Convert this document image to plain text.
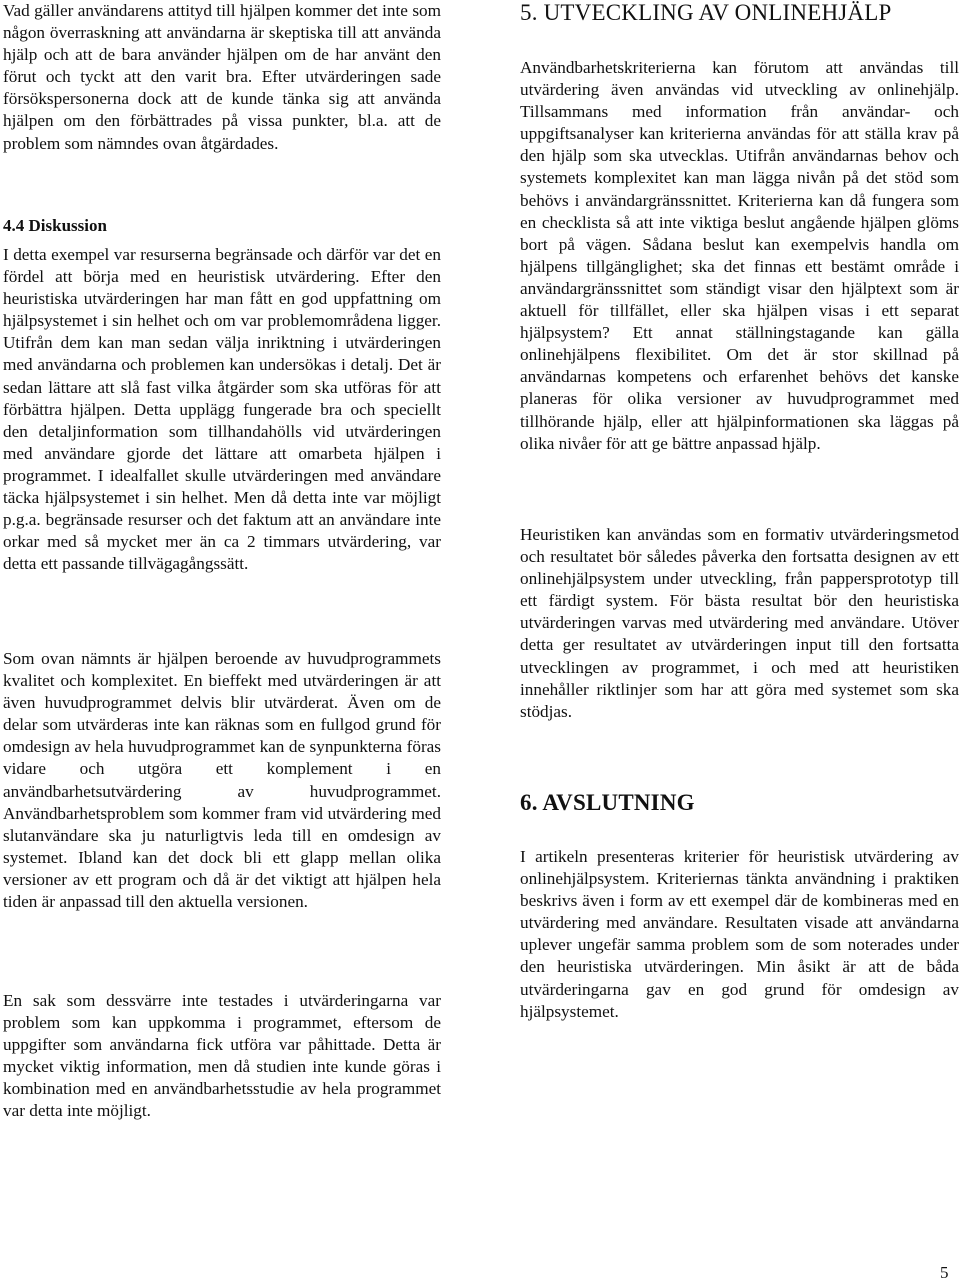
Vad gäller användarens attityd till hjälpen kommer det inte som någon överraskning att användarna är skeptiska till att använda hjälp och att de bara använder hjälpen om de har använt den förut och tyckt att den varit bra. Efter utvärderingen sade försökspersonerna dock att de kunde tänka sig att använda hjälpen om den förbättrades på vissa punkter, bl.a. att de problem som nämndes ovan åtgärdades.

4.4 Diskussion

I detta exempel var resurserna begränsade och därför var det en fördel att börja med en heuristisk utvärdering. Efter den heuristiska utvärderingen har man fått en god uppfattning om hjälpsystemet i sin helhet och om var problemområdena ligger. Utifrån dem kan man sedan välja inriktning i utvärderingen med användarna och problemen kan undersökas i detalj. Det är sedan lättare att slå fast vilka åtgärder som ska utföras för att förbättra hjälpen. Detta upplägg fungerade bra och speciellt den detaljinformation som tillhandahölls vid utvärderingen med användare gjorde det lättare att omarbeta hjälpen i programmet. I idealfallet skulle utvärderingen med användare täcka hjälpsystemet i sin helhet. Men då detta inte var möjligt p.g.a. begränsade resurser och det faktum att an användare inte orkar med så mycket mer än ca 2 timmars utvärdering, var detta ett passande tillvägagångssätt.

Som ovan nämnts är hjälpen beroende av huvudprogrammets kvalitet och komplexitet. En bieffekt med utvärderingen är att även huvudprogrammet delvis blir utvärderat. Även om de delar som utvärderas inte kan räknas som en fullgod grund för omdesign av hela huvudprogrammet kan de synpunkterna föras vidare och utgöra ett komplement i en användbarhetsutvärdering av huvudprogrammet. Användbarhetsproblem som kommer fram vid utvärdering med slutanvändare ska ju naturligtvis leda till en omdesign av systemet. Ibland kan det dock bli ett glapp mellan olika versioner av ett program och då är det viktigt att hjälpen hela tiden är anpassad till den aktuella versionen.

En sak som dessvärre inte testades i utvärderingarna var problem som kan uppkomma i programmet, eftersom de uppgifter som användarna fick utföra var påhittade. Detta är mycket viktig information, men då studien inte kunde göras i kombination med en användbarhetsstudie av hela programmet var detta inte möjligt.

5. UTVECKLING AV ONLINEHJÄLP

Användbarhetskriterierna kan förutom att användas till utvärdering även användas vid utveckling av onlinehjälp. Tillsammans med information från användar- och uppgiftsanalyser kan kriterierna användas för att ställa krav på den hjälp som ska utvecklas. Utifrån användarnas behov och systemets komplexitet kan man lägga nivån på det stöd som behövs i användargränssnittet. Kriterierna kan då fungera som en checklista så att inte viktiga beslut angående hjälpen glöms bort på vägen. Sådana beslut kan exempelvis handla om hjälpens tillgänglighet; ska det finnas ett bestämt område i användargränssnittet som ständigt visar den hjälptext som är aktuell för tillfället, eller ska hjälpen visas i ett separat hjälpsystem? Ett annat ställningstagande kan gälla onlinehjälpens flexibilitet. Om det är stor skillnad på användarnas kompetens och erfarenhet behövs det kanske planeras för olika versioner av huvudprogrammet med tillhörande hjälp, eller att hjälpinformationen ska läggas på olika nivåer för att ge bättre anpassad hjälp.

Heuristiken kan användas som en formativ utvärderingsmetod och resultatet bör således påverka den fortsatta designen av ett onlinehjälpsystem under utveckling, från pappersprototyp till ett färdigt system. För bästa resultat bör den heuristiska utvärderingen varvas med utvärdering med användare. Utöver detta ger resultatet av utvärderingen input till den fortsatta utvecklingen av programmet, i och med att heuristiken innehåller riktlinjer som har att göra med systemet som ska stödjas.

6. AVSLUTNING

I artikeln presenteras kriterier för heuristisk utvärdering av onlinehjälpsystem. Kriteriernas tänkta användning i praktiken beskrivs även i form av ett exempel där de kombineras med en utvärdering med användare. Resultaten visade att användarna uplever ungefär samma problem som de som noterades under den heuristiska utvärderingen. Min åsikt är att de båda utvärderingarna gav en god grund för omdesign av hjälpsystemet.

5
